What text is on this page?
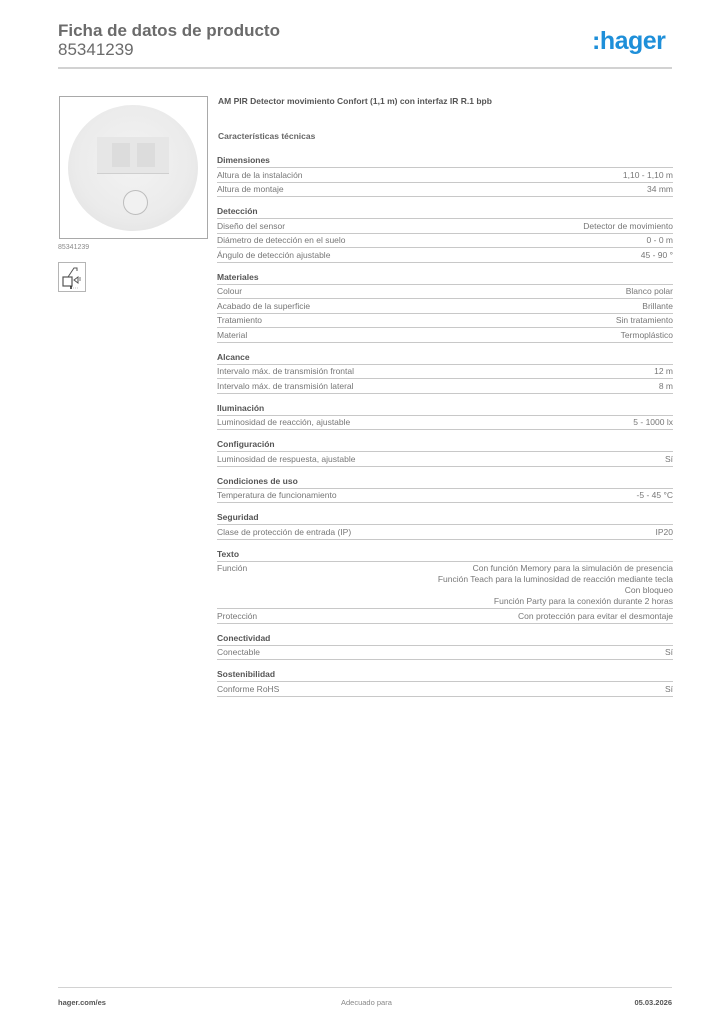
Ficha de datos de producto
85341239	:hager
85341239
AM PIR Detector movimiento Confort (1,1 m) con interfaz IR R.1 bpb
Características técnicas
Dimensiones
Altura de la instalación	1,10 - 1,10 m
Altura de montaje	34 mm
Detección
Diseño del sensor	Detector de movimiento
Diámetro de detección en el suelo	0 - 0 m
Ángulo de detección ajustable	45 - 90 °
Materiales
Colour	Blanco polar
Acabado de la superficie	Brillante
Tratamiento	Sin tratamiento
Material	Termoplástico
Alcance
Intervalo máx. de transmisión frontal	12 m
Intervalo máx. de transmisión lateral	8 m
Iluminación
Luminosidad de reacción, ajustable	5 - 1000 lx
Configuración
Luminosidad de respuesta, ajustable	Sí
Condiciones de uso
Temperatura de funcionamiento	-5 - 45 °C
Seguridad
Clase de protección de entrada (IP)	IP20
Texto
Función	Con función Memory para la simulación de presencia
Función Teach para la luminosidad de reacción mediante tecla
Con bloqueo
Función Party para la conexión durante 2 horas
Protección	Con protección para evitar el desmontaje
Conectividad
Conectable	Sí
Sostenibilidad
Conforme RoHS	Sí
hager.com/es	Adecuado para	05.03.2026
